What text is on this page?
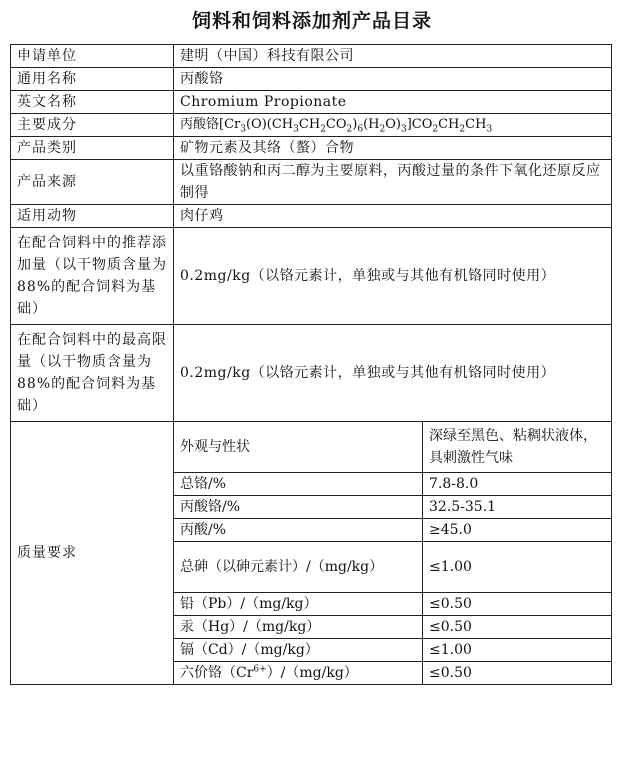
饲料和饲料添加剂产品目录
申请单位	建明（中国）科技有限公司
通用名称	丙酸铬
英文名称	Chromium Propionate
主要成分	丙酸铬$[Cr_3(O)(CH_3CH_2CO_2)_6(H_2O)_3]CO_2CH_2CH_3$
产品类别	矿物元素及其络（螯）合物
产品来源	以重铬酸钠和丙二醇为主要原料，丙酸过量的条件下氧化还原反应制得
适用动物	肉仔鸡
在配合饲料中的推荐添加量（以干物质含量为88%的配合饲料为基础）	0.2mg/kg（以铬元素计，单独或与其他有机铬同时使用）
在配合饲料中的最高限量（以干物质含量为88%的配合饲料为基础）	0.2mg/kg（以铬元素计，单独或与其他有机铬同时使用）
质量要求	
外观与性状	深绿至黑色、粘稠状液体，具刺激性气味
总铬/%	7.8-8.0
丙酸铬/%	32.5-35.1
丙酸/%	≥45.0
总砷（以砷元素计）/（mg/kg）	≤1.00
铅（Pb）/（mg/kg）	≤0.50
汞（Hg）/（mg/kg）	≤0.50
镉（Cd）/（mg/kg）	≤1.00
六价铬$(Cr^{6+})/(mg/kg)$	≤0.50
